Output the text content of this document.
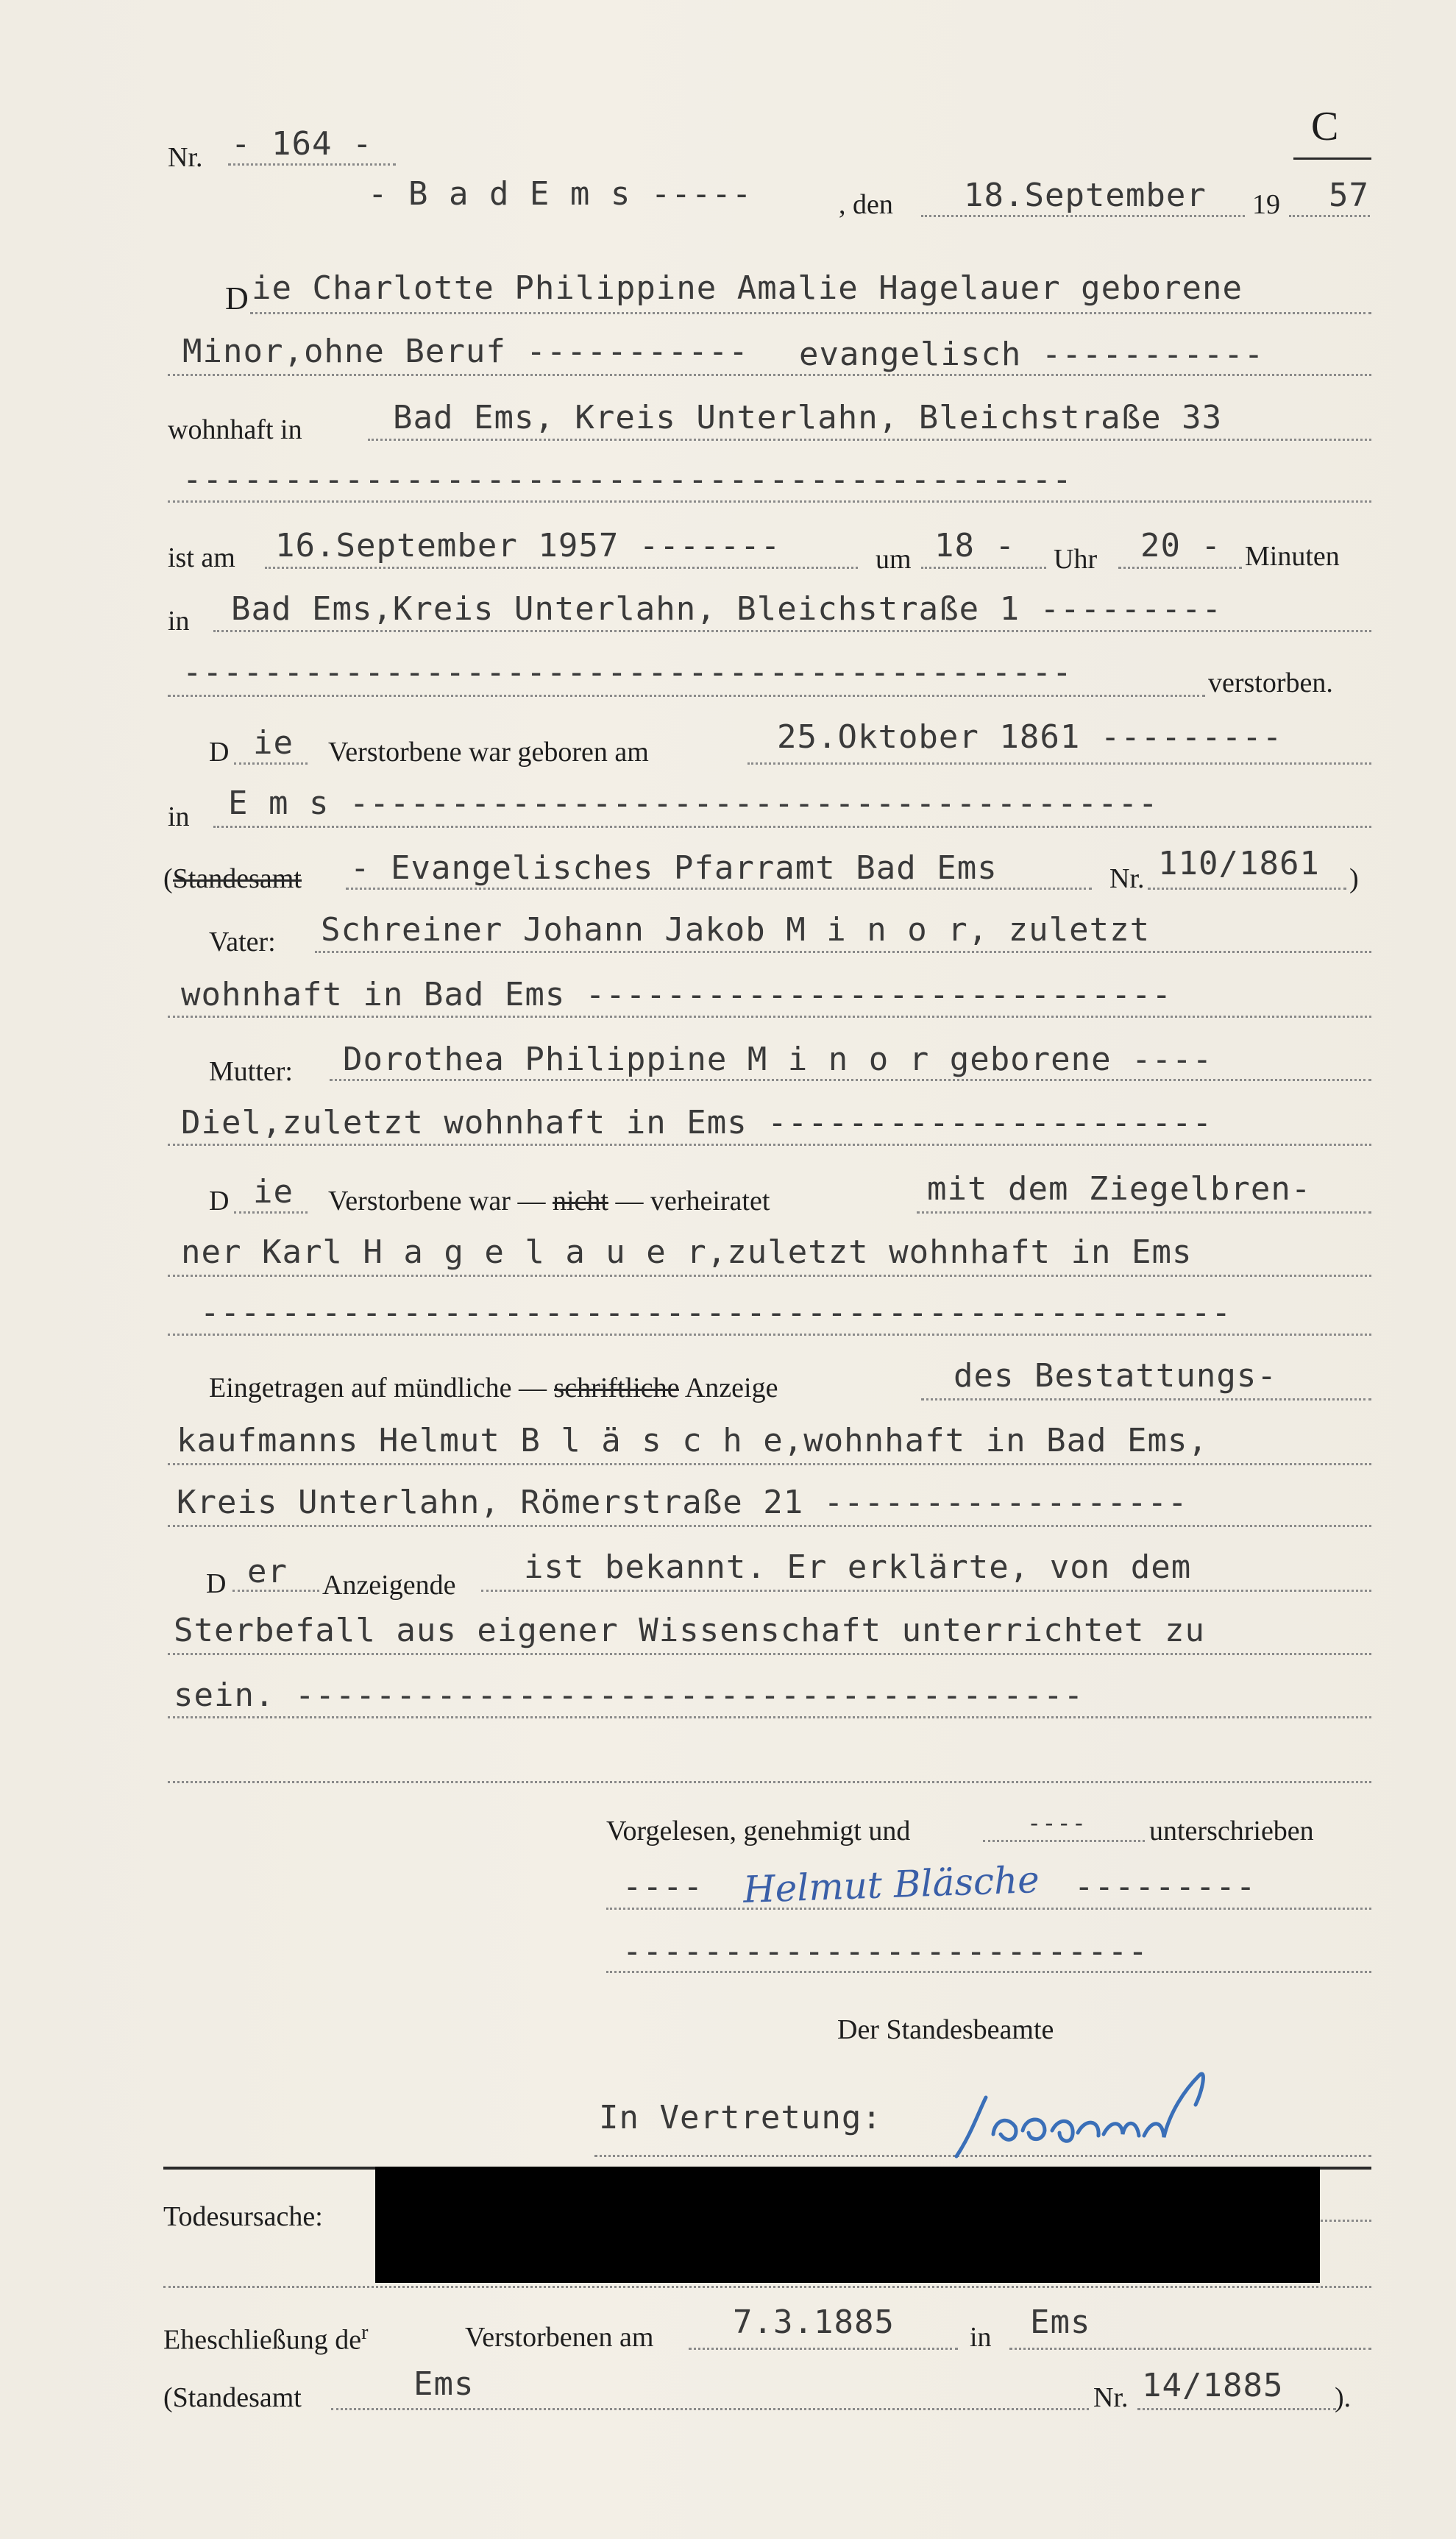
Nr. - 164 -	C
- B a d E m s -----	, den 18.September 19 57
D ie Charlotte Philippine Amalie Hagelauer geborene
Minor,ohne Beruf ----------- evangelisch -----------
wohnhaft in	Bad Ems, Kreis Unterlahn, Bleichstraße 33
--------------------------------------------
ist am 16.September 1957 -------	um 18 - Uhr 20 - Minuten
in Bad Ems,Kreis Unterlahn, Bleichstraße 1 ---------
--------------------------------------------	verstorben.
D ie Verstorbene war geboren am	25.Oktober 1861 ---------
in E m s ----------------------------------------
(Standesamt - Evangelisches Pfarramt Bad Ems	Nr. 110/1861 )
Vater: Schreiner Johann Jakob M i n o r, zuletzt
wohnhaft in Bad Ems -----------------------------
Mutter: Dorothea Philippine M i n o r geborene ----
Diel,zuletzt wohnhaft in Ems ----------------------
D ie Verstorbene war — nicht — verheiratet	mit dem Ziegelbren-
ner Karl H a g e l a u e r,zuletzt wohnhaft in Ems
---------------------------------------------------
Eingetragen auf mündliche — schriftliche Anzeige	des Bestattungs-
kaufmanns Helmut B l ä s c h e,wohnhaft in Bad Ems,
Kreis Unterlahn, Römerstraße 21 ------------------
D er Anzeigende ist bekannt. Er erklärte, von dem
Sterbefall aus eigener Wissenschaft unterrichtet zu
sein. ---------------------------------------
Vorgelesen, genehmigt und	---- unterschrieben
---- Helmut Bläsche ---------
--------------------------
Der Standesbeamte
In Vertretung:
Todesursache:
Eheschließung $de^r$	Verstorbenen am 7.3.1885	in Ems
(Standesamt	Ems	Nr. 14/1885 ).
